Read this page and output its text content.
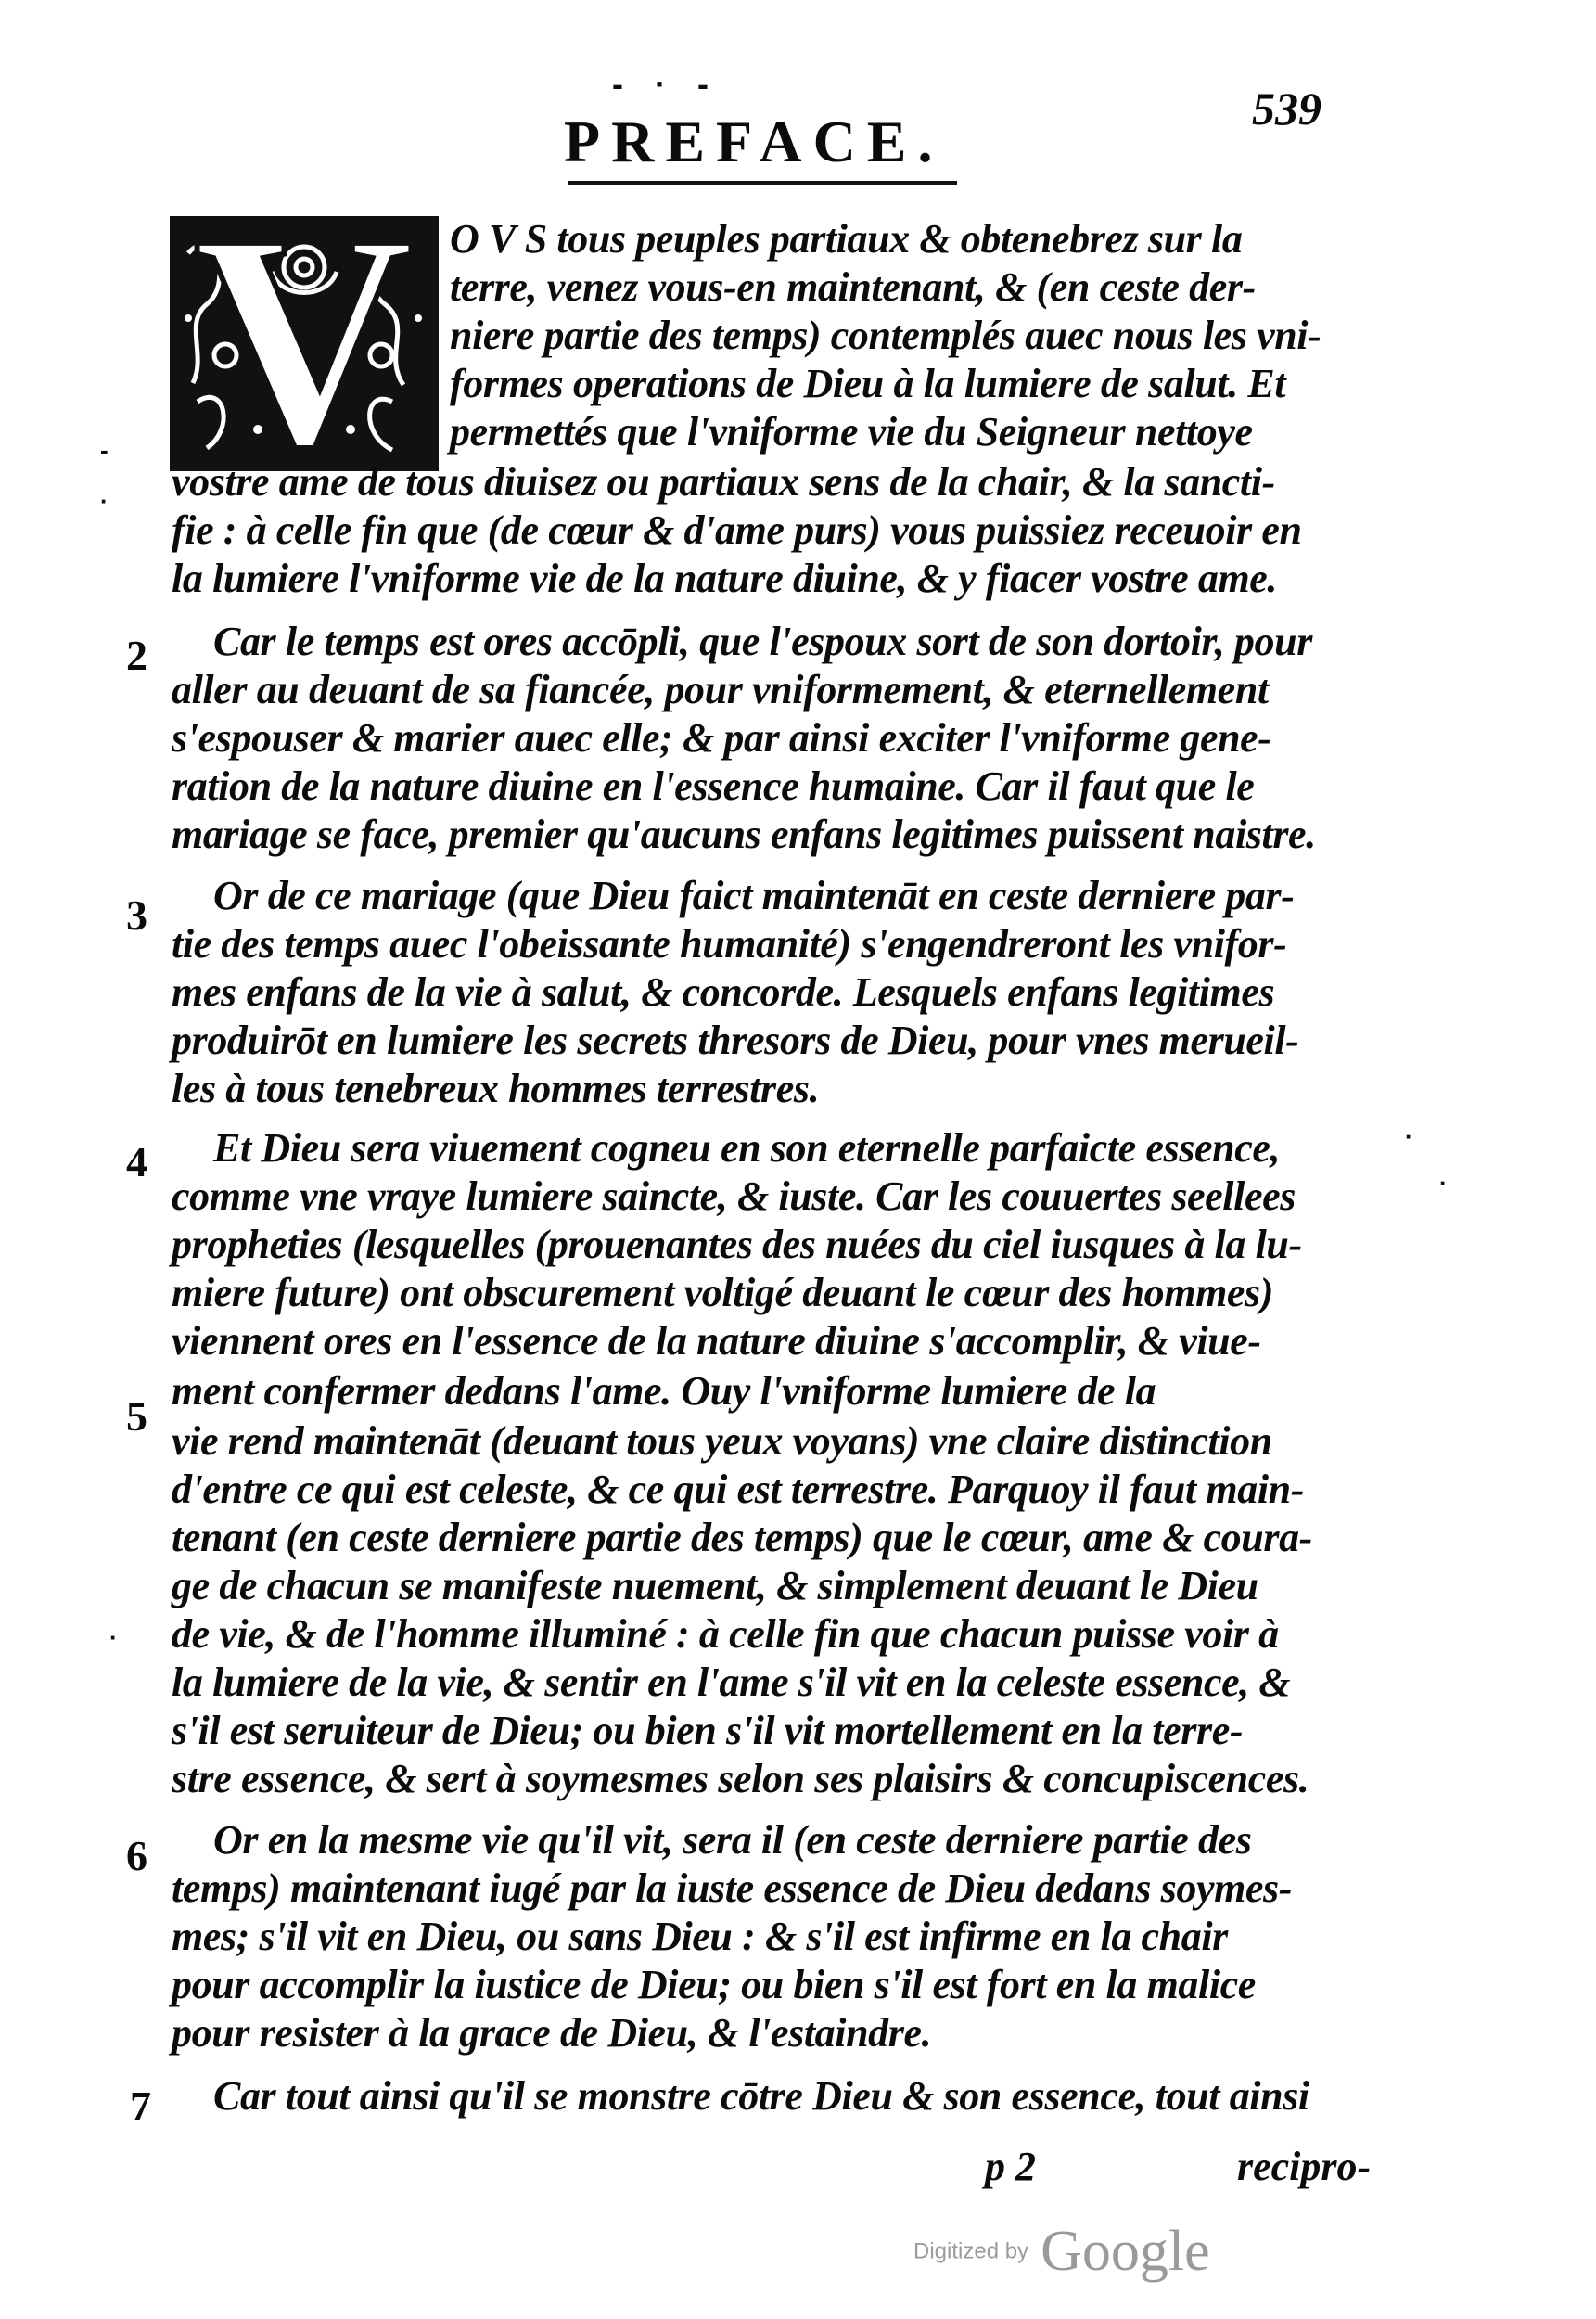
- · -	539
PREFACE.
V O V S tous peuples partiaux & obtenebrez sur la
terre, venez vous-en maintenant, & (en ceste der-
niere partie des temps) contemplés auec nous les vni-
formes operations de Dieu à la lumiere de salut. Et
permettés que l'vniforme vie du Seigneur nettoye
vostre ame de tous diuisez ou partiaux sens de la chair, & la sancti-
fie : à celle fin que (de cœur & d'ame purs) vous puissiez receuoir en
la lumiere l'vniforme vie de la nature diuine, & y fiacer vostre ame.
Car le temps est ores accōpli, que l'espoux sort de son dortoir, pour
aller au deuant de sa fiancée, pour vniformement, & eternellement
s'espouser & marier auec elle; & par ainsi exciter l'vniforme gene-
ration de la nature diuine en l'essence humaine. Car il faut que le
mariage se face, premier qu'aucuns enfans legitimes puissent naistre.
Or de ce mariage (que Dieu faict maintenāt en ceste derniere par-
tie des temps auec l'obeissante humanité) s'engendreront les vnifor-
mes enfans de la vie à salut, & concorde. Lesquels enfans legitimes
produirōt en lumiere les secrets thresors de Dieu, pour vnes merueil-
les à tous tenebreux hommes terrestres.
Et Dieu sera viuement cogneu en son eternelle parfaicte essence,
comme vne vraye lumiere saincte, & iuste. Car les couuertes seellees
propheties (lesquelles (prouenantes des nuées du ciel iusques à la lu-
miere future) ont obscurement voltigé deuant le cœur des hommes)
viennent ores en l'essence de la nature diuine s'accomplir, & viue-
ment confermer dedans l'ame. Ouy l'vniforme lumiere de la
vie rend maintenāt (deuant tous yeux voyans) vne claire distinction
d'entre ce qui est celeste, & ce qui est terrestre. Parquoy il faut main-
tenant (en ceste derniere partie des temps) que le cœur, ame & coura-
ge de chacun se manifeste nuement, & simplement deuant le Dieu
de vie, & de l'homme illuminé : à celle fin que chacun puisse voir à
la lumiere de la vie, & sentir en l'ame s'il vit en la celeste essence, &
s'il est seruiteur de Dieu; ou bien s'il vit mortellement en la terre-
stre essence, & sert à soymesmes selon ses plaisirs & concupiscences.
Or en la mesme vie qu'il vit, sera il (en ceste derniere partie des
temps) maintenant iugé par la iuste essence de Dieu dedans soymes-
mes; s'il vit en Dieu, ou sans Dieu : & s'il est infirme en la chair
pour accomplir la iustice de Dieu; ou bien s'il est fort en la malice
pour resister à la grace de Dieu, & l'estaindre.
Car tout ainsi qu'il se monstre cōtre Dieu & son essence, tout ainsi
2
3
4
5
6
7
-
·
·
·
·
p 2	recipro-
Digitized by Google
